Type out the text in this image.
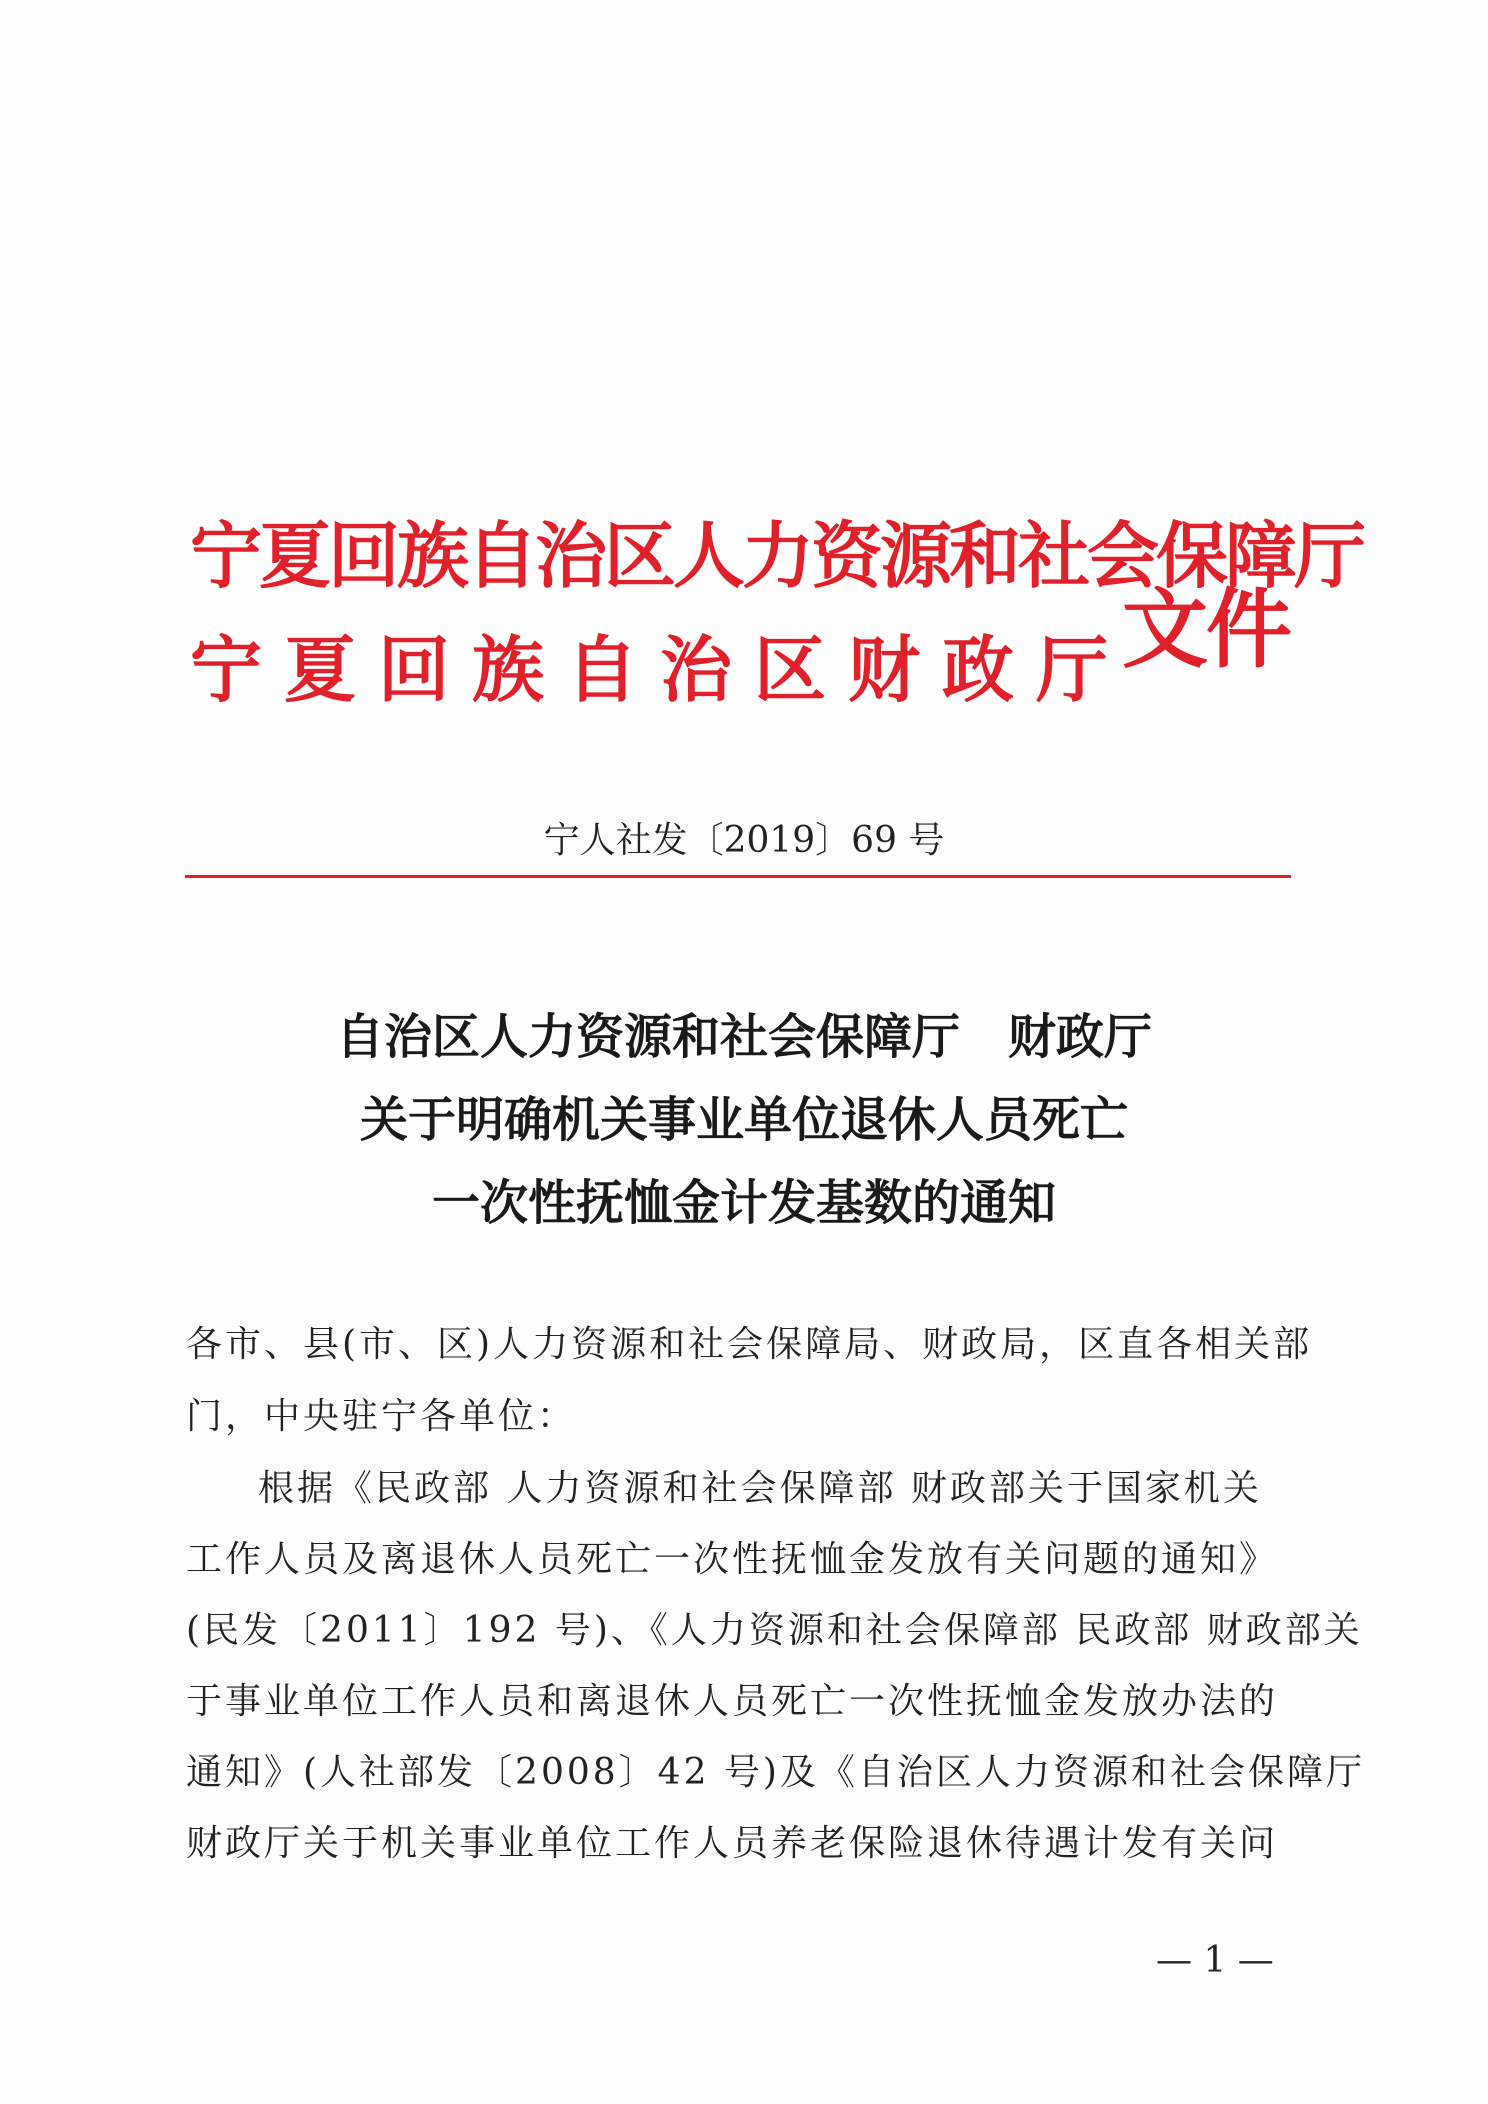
宁夏回族自治区人力资源和社会保障厅
宁夏回族自治区财政厅
文件
宁人社发〔2019〕69 号
自治区人力资源和社会保障厅　财政厅
关于明确机关事业单位退休人员死亡
一次性抚恤金计发基数的通知
各市、县(市、区)人力资源和社会保障局、财政局，区直各相关部
门，中央驻宁各单位：
根据《民政部 人力资源和社会保障部 财政部关于国家机关
工作人员及离退休人员死亡一次性抚恤金发放有关问题的通知》
(民发〔2011〕192 号)、《人力资源和社会保障部 民政部 财政部关
于事业单位工作人员和离退休人员死亡一次性抚恤金发放办法的
通知》(人社部发〔2008〕42 号)及《自治区人力资源和社会保障厅
财政厅关于机关事业单位工作人员养老保险退休待遇计发有关问
— 1 —
